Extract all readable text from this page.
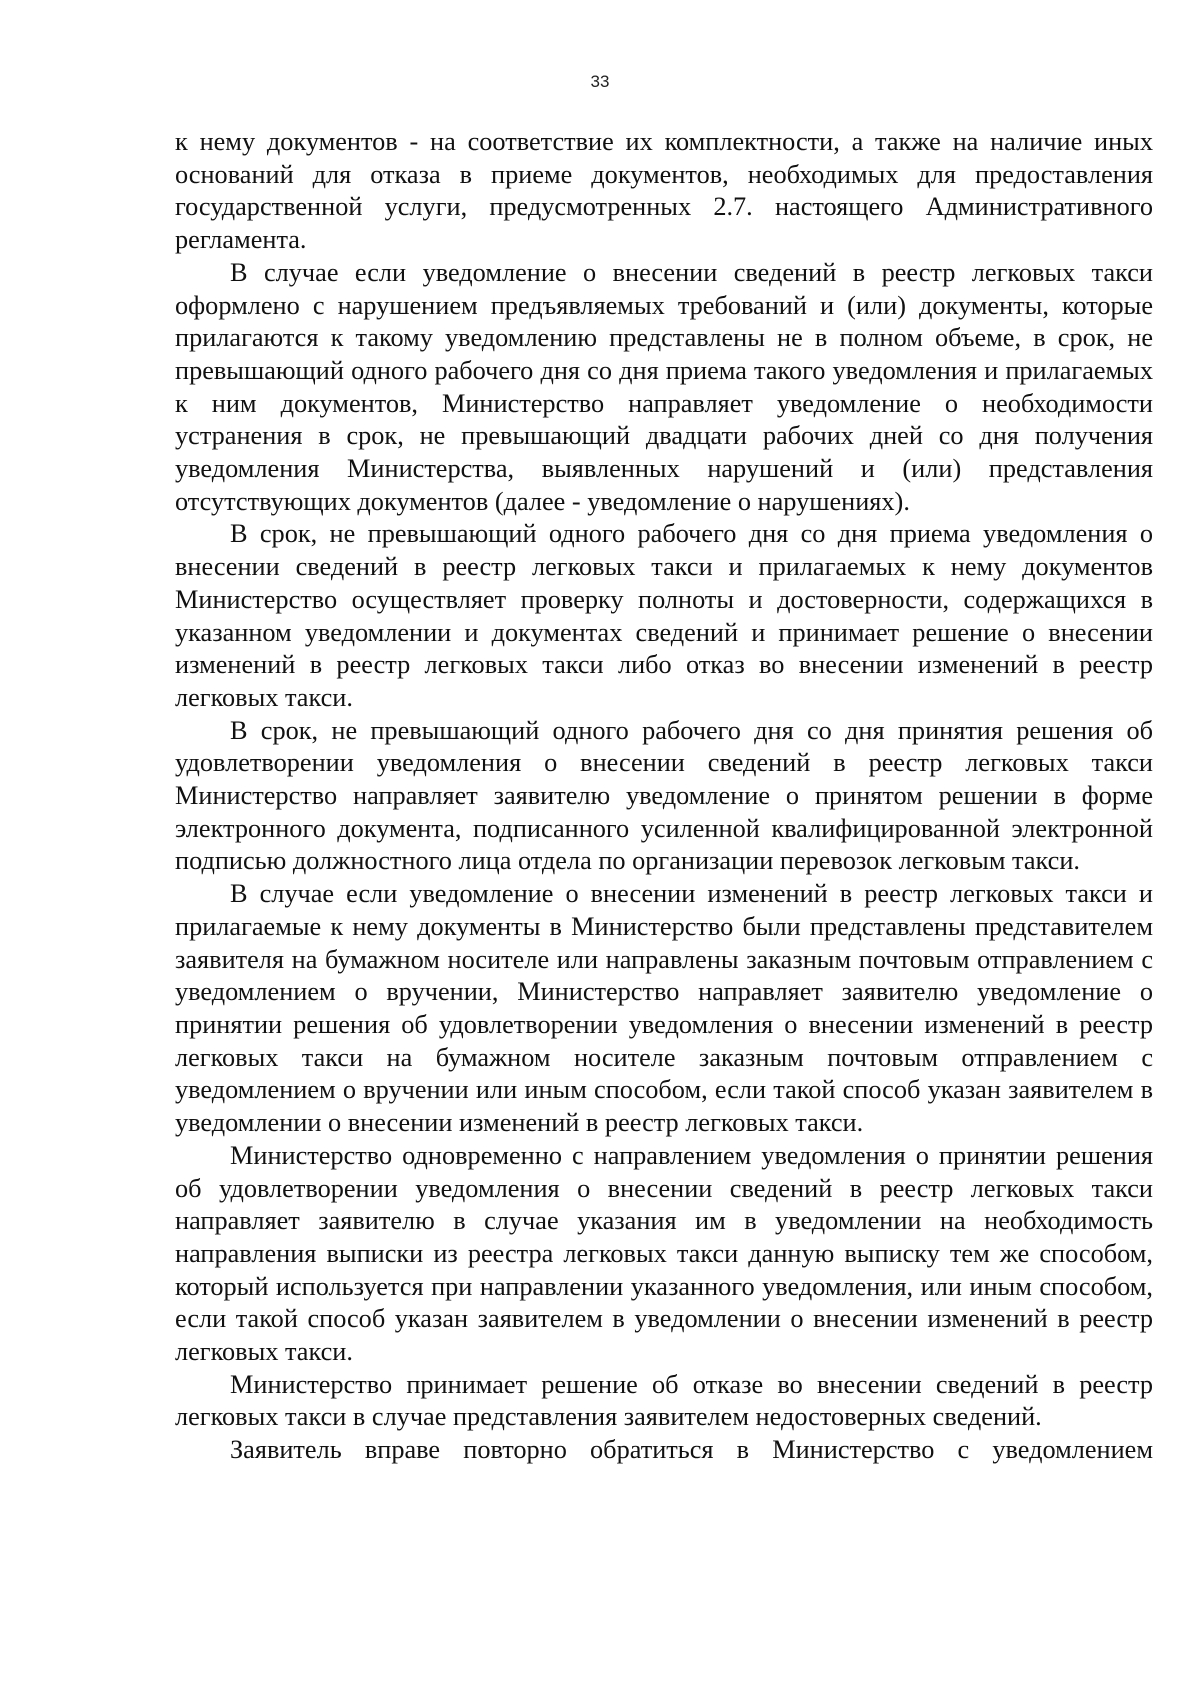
33

к нему документов - на соответствие их комплектности, а также на наличие иных оснований для отказа в приеме документов, необходимых для предоставления государственной услуги, предусмотренных 2.7. настоящего Административного регламента.

В случае если уведомление о внесении сведений в реестр легковых такси оформлено с нарушением предъявляемых требований и (или) документы, которые прилагаются к такому уведомлению представлены не в полном объеме, в срок, не превышающий одного рабочего дня со дня приема такого уведомления и прилагаемых к ним документов, Министерство направляет уведомление о необходимости устранения в срок, не превышающий двадцати рабочих дней со дня получения уведомления Министерства, выявленных нарушений и (или) представления отсутствующих документов (далее - уведомление о нарушениях).

В срок, не превышающий одного рабочего дня со дня приема уведомления о внесении сведений в реестр легковых такси и прилагаемых к нему документов Министерство осуществляет проверку полноты и достоверности, содержащихся в указанном уведомлении и документах сведений и принимает решение о внесении изменений в реестр легковых такси либо отказ во внесении изменений в реестр легковых такси.

В срок, не превышающий одного рабочего дня со дня принятия решения об удовлетворении уведомления о внесении сведений в реестр легковых такси Министерство направляет заявителю уведомление о принятом решении в форме электронного документа, подписанного усиленной квалифицированной электронной подписью должностного лица отдела по организации перевозок легковым такси.

В случае если уведомление о внесении изменений в реестр легковых такси и прилагаемые к нему документы в Министерство были представлены представителем заявителя на бумажном носителе или направлены заказным почтовым отправлением с уведомлением о вручении, Министерство направляет заявителю уведомление о принятии решения об удовлетворении уведомления о внесении изменений в реестр легковых такси на бумажном носителе заказным почтовым отправлением с уведомлением о вручении или иным способом, если такой способ указан заявителем в уведомлении о внесении изменений в реестр легковых такси.

Министерство одновременно с направлением уведомления о принятии решения об удовлетворении уведомления о внесении сведений в реестр легковых такси направляет заявителю в случае указания им в уведомлении на необходимость направления выписки из реестра легковых такси данную выписку тем же способом, который используется при направлении указанного уведомления, или иным способом, если такой способ указан заявителем в уведомлении о внесении изменений в реестр легковых такси.

Министерство принимает решение об отказе во внесении сведений в реестр легковых такси в случае представления заявителем недостоверных сведений.

Заявитель вправе повторно обратиться в Министерство с уведомлением
